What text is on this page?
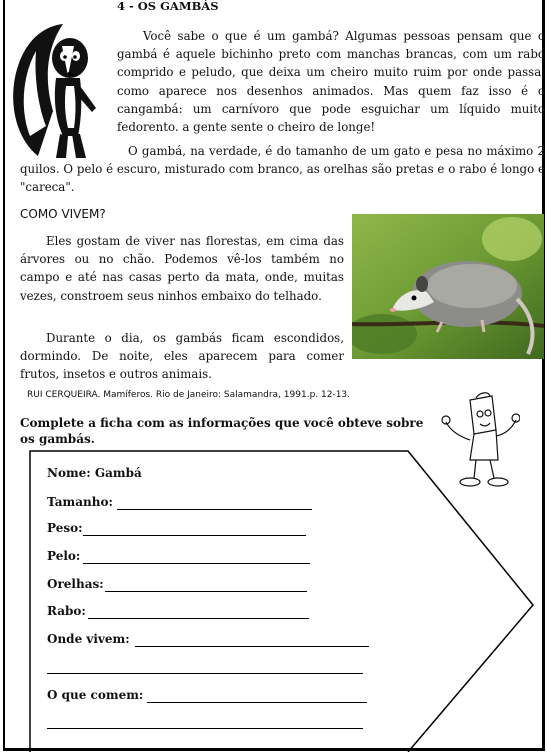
4 - OS GAMBÁS
Você sabe o que é um gambá? Algumas pessoas pensam que o gambá é aquele bichinho preto com manchas brancas, com um rabo comprido e peludo, que deixa um cheiro muito ruim por onde passa, como aparece nos desenhos animados. Mas quem faz isso é o cangambá: um carnívoro que pode esguichar um líquido muito fedorento. a gente sente o cheiro de longe!
O gambá, na verdade, é do tamanho de um gato e pesa no máximo 2 quilos. O pelo é escuro, misturado com branco, as orelhas são pretas e o rabo é longo e "careca".
COMO VIVEM?
Eles gostam de viver nas florestas, em cima das árvores ou no chão. Podemos vê-los também no campo e até nas casas perto da mata, onde, muitas vezes, constroem seus ninhos embaixo do telhado.
Durante o dia, os gambás ficam escondidos, dormindo. De noite, eles aparecem para comer frutos, insetos e outros animais.
RUI CERQUEIRA. Mamíferos. Rio de Janeiro: Salamandra, 1991.p. 12-13.
Complete a ficha com as informações que você obteve sobre os gambás.
Nome: Gambá
Tamanho:
Peso:
Pelo:
Orelhas:
Rabo:
Onde vivem:
O que comem:
